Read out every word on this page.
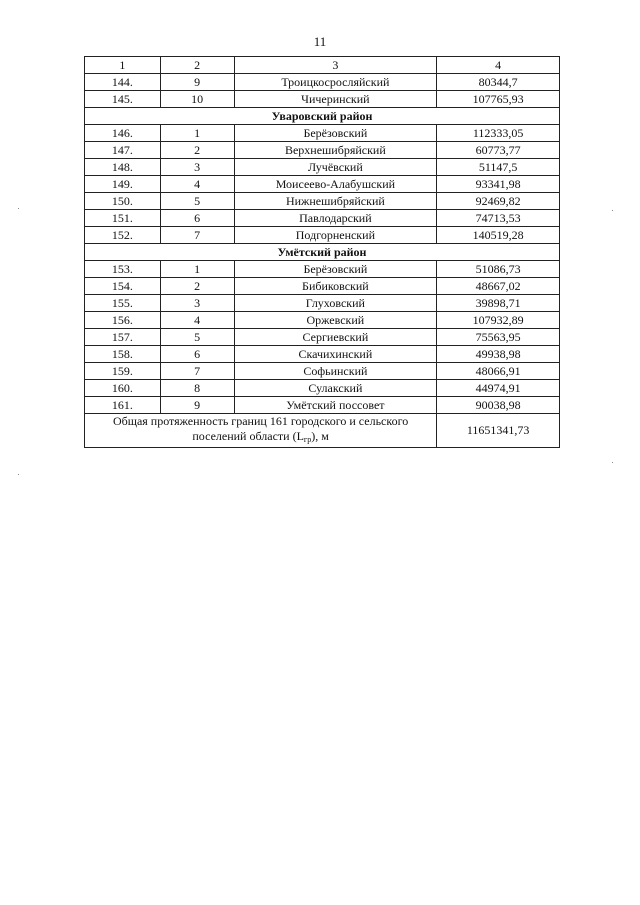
11
1	2	3	4
144.	9	Троицкосросляйский	80344,7
145.	10	Чичеринский	107765,93
Уваровский район			
146.	1	Берёзовский	112333,05
147.	2	Верхнешибряйский	60773,77
148.	3	Лучёвский	51147,5
149.	4	Моисеево-Алабушский	93341,98
150.	5	Нижнешибряйский	92469,82
151.	6	Павлодарский	74713,53
152.	7	Подгорненский	140519,28
Умётский район			
153.	1	Берёзовский	51086,73
154.	2	Бибиковский	48667,02
155.	3	Глуховский	39898,71
156.	4	Оржевский	107932,89
157.	5	Сергиевский	75563,95
158.	6	Скачихинский	49938,98
159.	7	Софьинский	48066,91
160.	8	Сулакский	44974,91
161.	9	Умётский поссовет	90038,98
Общая протяженность границ 161 городского и сельского
поселений области $(L_{гр})$, м			11651341,73
